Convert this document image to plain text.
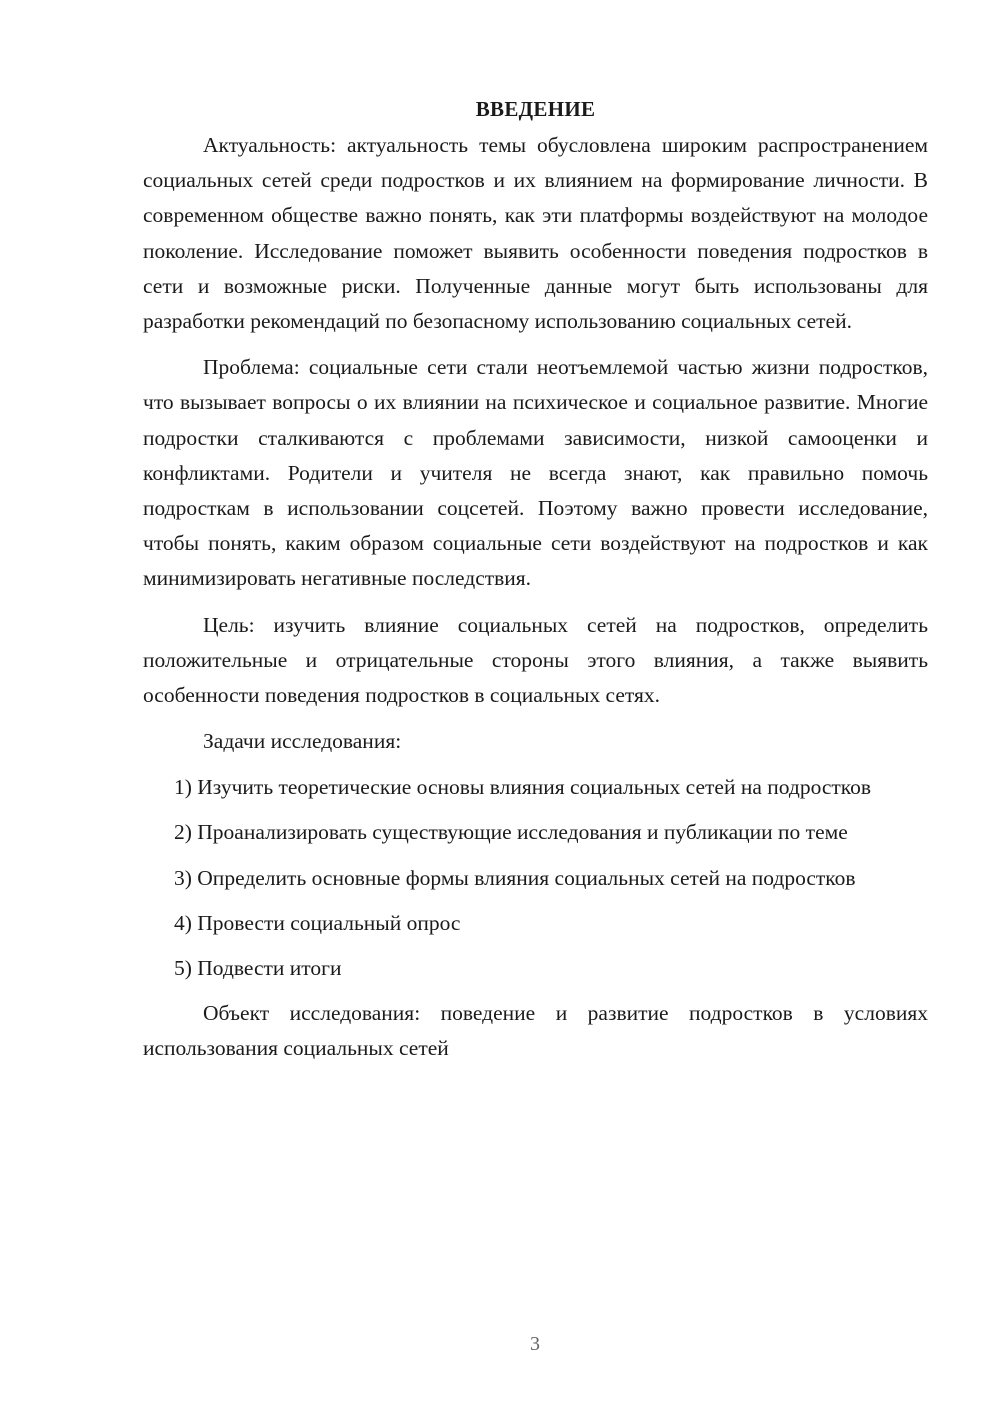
ВВЕДЕНИЕ

Актуальность: актуальность темы обусловлена широким распространением социальных сетей среди подростков и их влиянием на формирование личности. В современном обществе важно понять, как эти платформы воздействуют на молодое поколение. Исследование поможет выявить особенности поведения подростков в сети и возможные риски. Полученные данные могут быть использованы для разработки рекомендаций по безопасному использованию социальных сетей.

Проблема: социальные сети стали неотъемлемой частью жизни подростков, что вызывает вопросы о их влиянии на психическое и социальное развитие. Многие подростки сталкиваются с проблемами зависимости, низкой самооценки и конфликтами. Родители и учителя не всегда знают, как правильно помочь подросткам в использовании соцсетей. Поэтому важно провести исследование, чтобы понять, каким образом социальные сети воздействуют на подростков и как минимизировать негативные последствия.

Цель: изучить влияние социальных сетей на подростков, определить положительные и отрицательные стороны этого влияния, а также выявить особенности поведения подростков в социальных сетях.

Задачи исследования:

1) Изучить теоретические основы влияния социальных сетей на подростков

2) Проанализировать существующие исследования и публикации по теме

3) Определить основные формы влияния социальных сетей на подростков

4) Провести социальный опрос

5) Подвести итоги

Объект исследования: поведение и развитие подростков в условиях использования социальных сетей

3
